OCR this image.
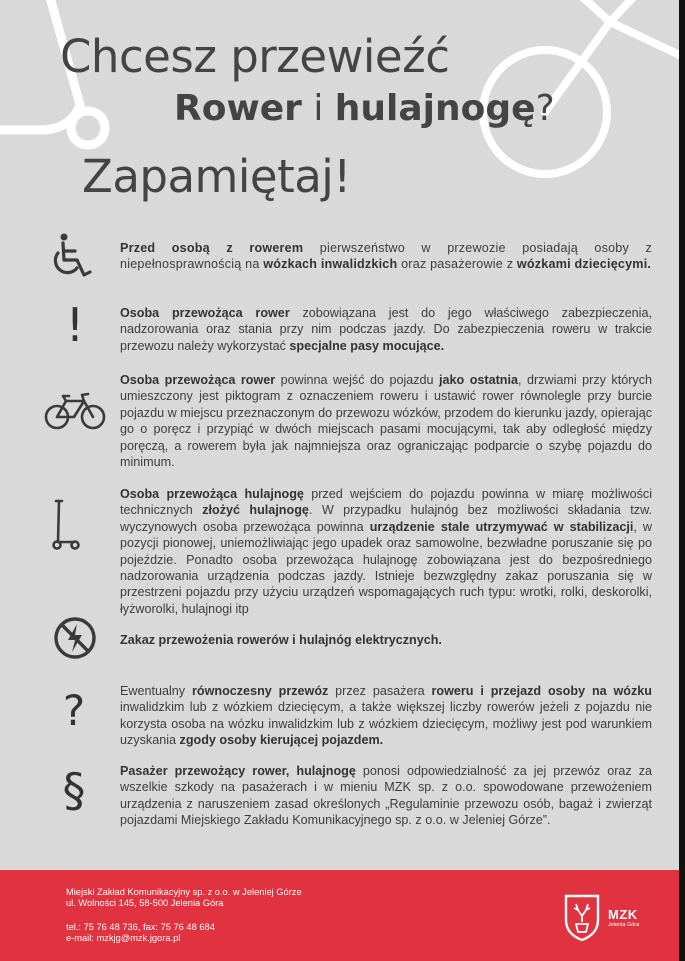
Chcesz przewieźć
Rower i hulajnogę?
Zapamiętaj!
!
?
§
Przed osobą z rowerem pierwszeństwo w przewozie posiadają osoby z niepełnosprawnością na wózkach inwalidzkich oraz pasażerowie z wózkami dziecięcymi.
Osoba przewożąca rower zobowiązana jest do jego właściwego zabezpieczenia, nadzorowania oraz stania przy nim podczas jazdy. Do zabezpieczenia roweru w trakcie przewozu należy wykorzystać specjalne pasy mocujące.
Osoba przewożąca rower powinna wejść do pojazdu jako ostatnia, drzwiami przy których umieszczony jest piktogram z oznaczeniem roweru i ustawić rower równolegle przy burcie pojazdu w miejscu przeznaczonym do przewozu wózków, przodem do kierunku jazdy, opierając go o poręcz i przypiąć w dwóch miejscach pasami mocującymi, tak aby odległość między poręczą, a rowerem była jak najmniejsza oraz ograniczając podparcie o szybę pojazdu do minimum.
Osoba przewożąca hulajnogę przed wejściem do pojazdu powinna w miarę możliwości technicznych złożyć hulajnogę. W przypadku hulajnóg bez możliwości składania tzw. wyczynowych osoba przewożąca powinna urządzenie stale utrzymywać w stabilizacji, w pozycji pionowej, uniemożliwiając jego upadek oraz samowolne, bezwładne poruszanie się po pojeździe. Ponadto osoba przewożąca hulajnogę zobowiązana jest do bezpośredniego nadzorowania urządzenia podczas jazdy. Istnieje bezwzględny zakaz poruszania się w przestrzeni pojazdu przy użyciu urządzeń wspomagających ruch typu: wrotki, rolki, deskorolki, łyżworolki, hulajnogi itp
Zakaz przewożenia rowerów i hulajnóg elektrycznych.
Ewentualny równoczesny przewóz przez pasażera roweru i przejazd osoby na wózku inwalidzkim lub z wózkiem dziecięcym, a także większej liczby rowerów jeżeli z pojazdu nie korzysta osoba na wózku inwalidzkim lub z wózkiem dziecięcym, możliwy jest pod warunkiem uzyskania zgody osoby kierującej pojazdem.
Pasażer przewożący rower, hulajnogę ponosi odpowiedzialność za jej przewóz oraz za wszelkie szkody na pasażerach i w mieniu MZK sp. z o.o. spowodowane przewożeniem urządzenia z naruszeniem zasad określonych „Regulaminie przewozu osób, bagaż i zwierząt pojazdami Miejskiego Zakładu Komunikacyjnego sp. z o.o. w Jeleniej Górze”.
Miejski Zakład Komunikacyjny sp. z o.o. w Jeleniej Górze
ul. Wolności 145, 58-500 Jelenia Góra
tel.: 75 76 48 736, fax: 75 76 48 684
e-mail: mzkjg@mzk.jgora.pl
MZK
Jelenia Góra
